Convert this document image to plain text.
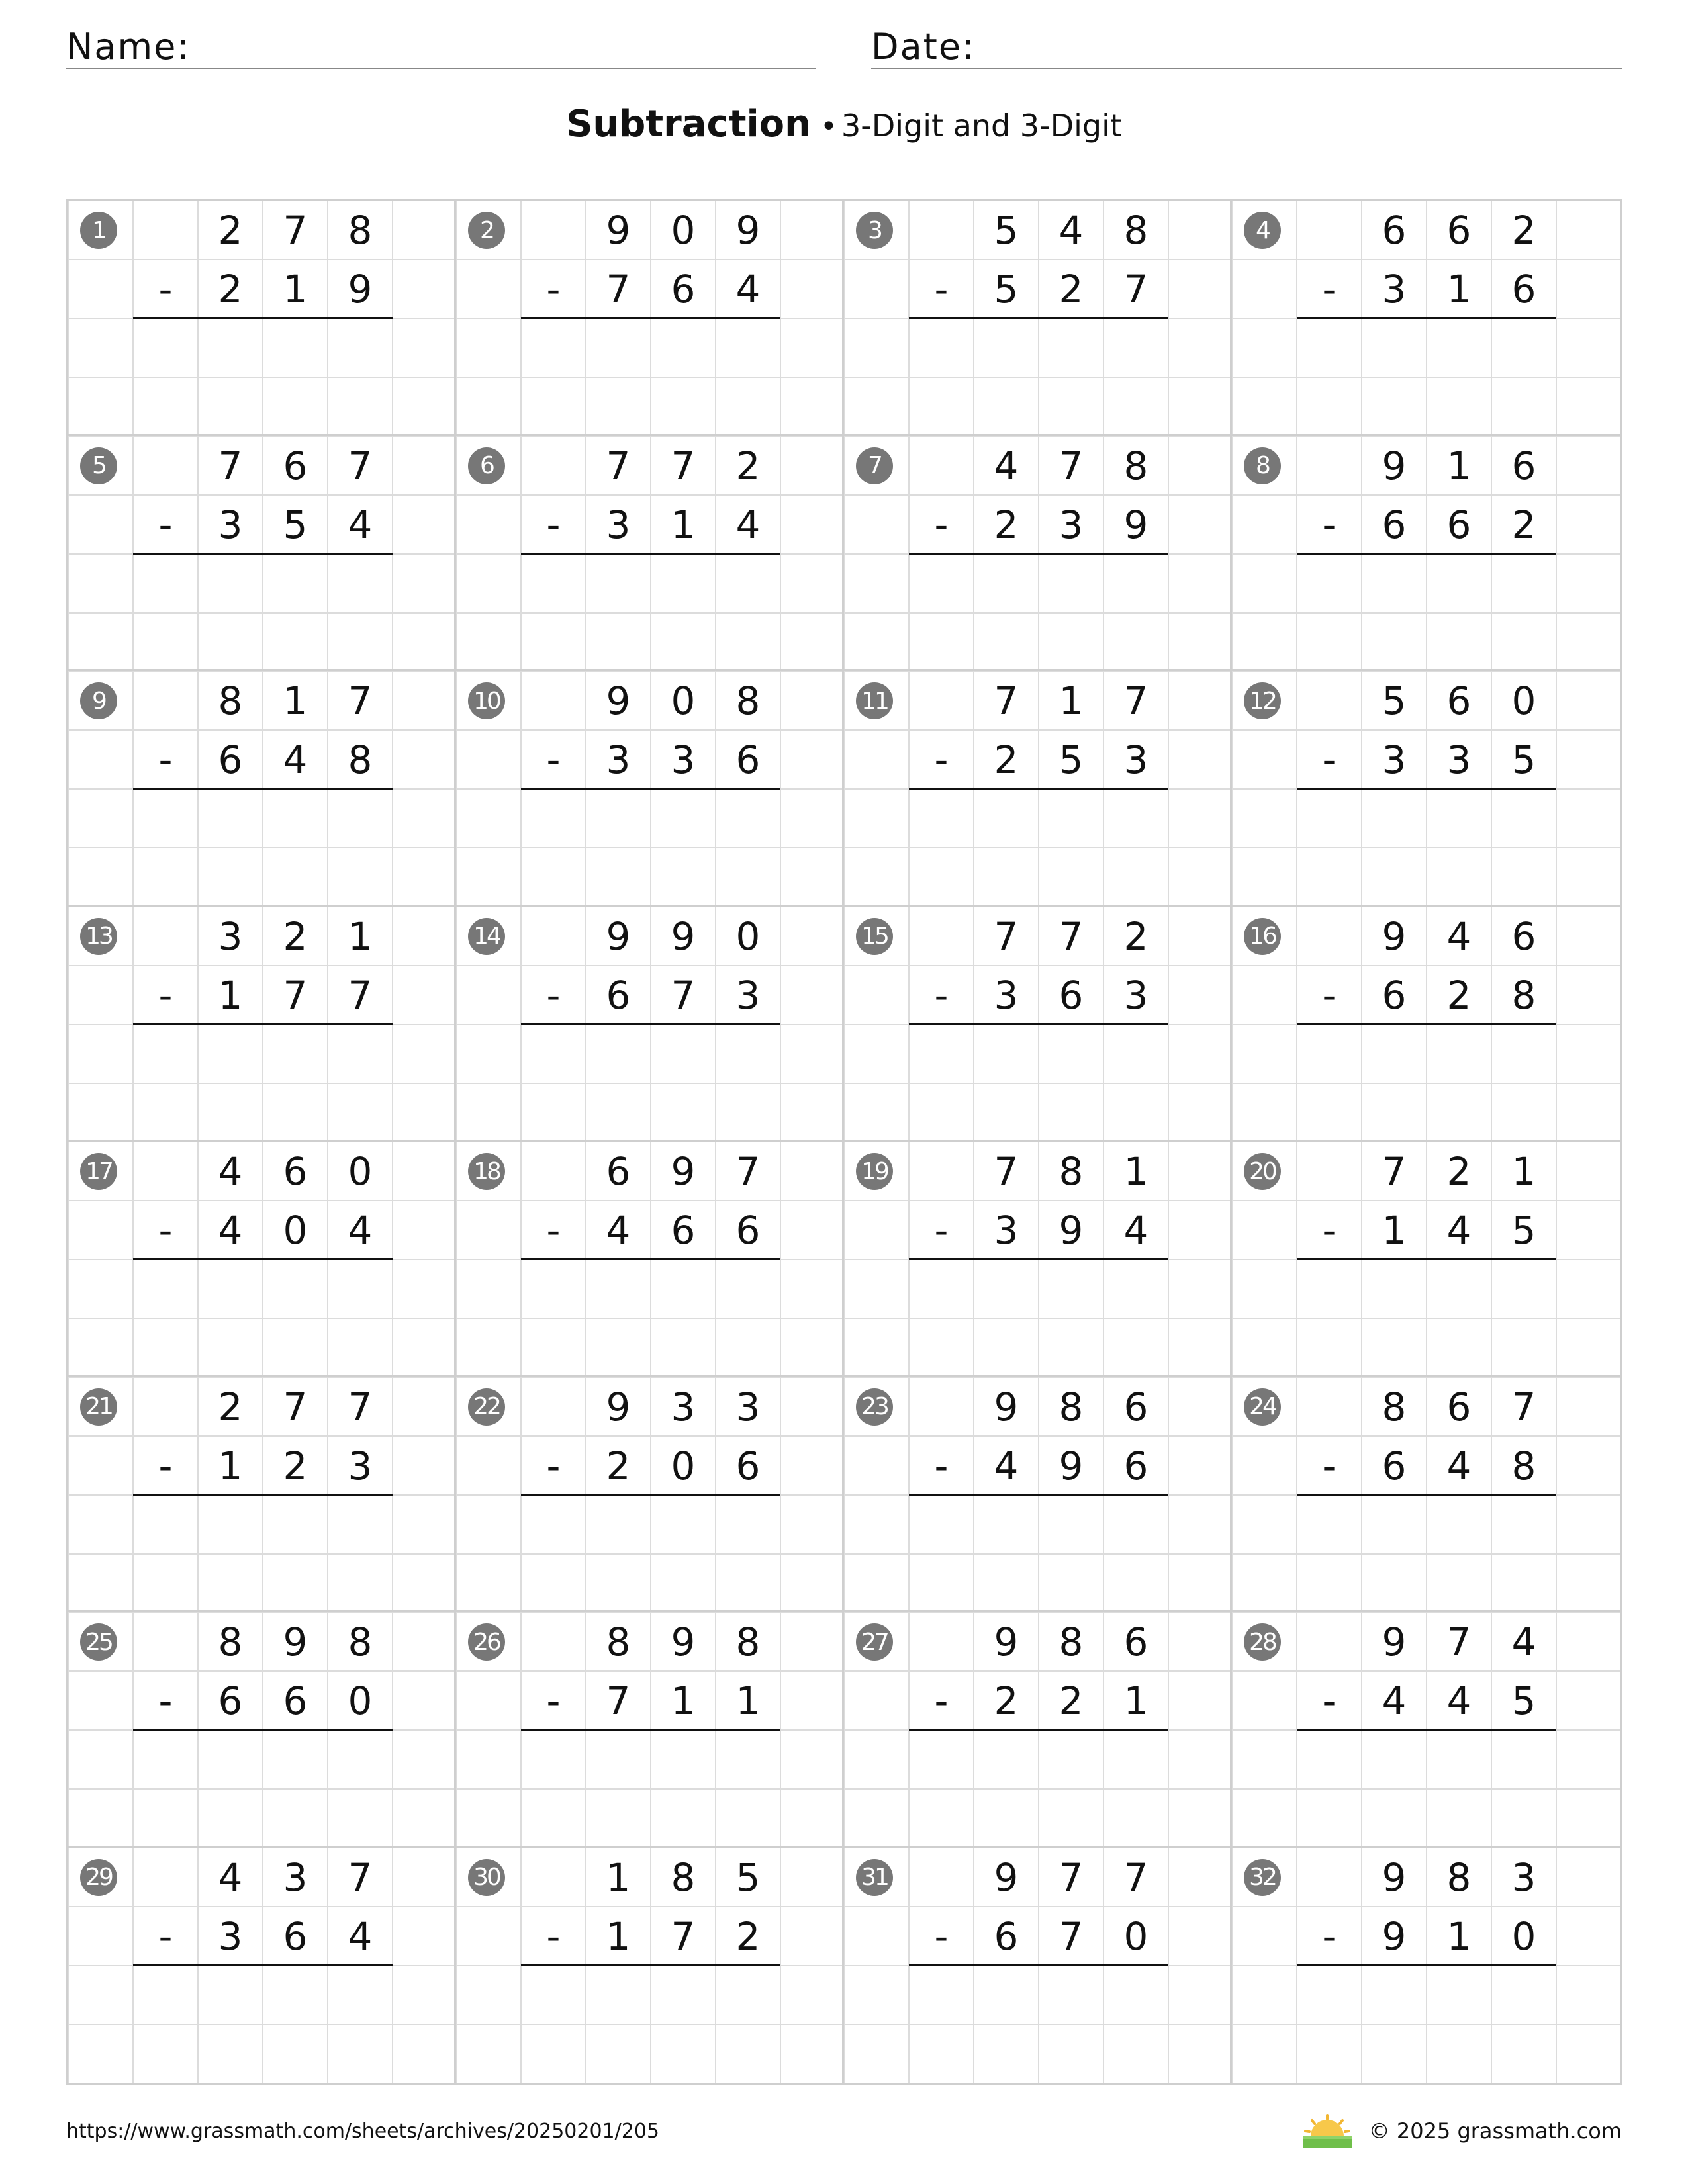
Name:	Date:
Subtraction • 3-Digit and 3-Digit
1	2	7	8
2	1	9
-
2	9	0	9
7	6	4
-
3	5	4	8
5	2	7
-
4	6	6	2
3	1	6
-
5	7	6	7
3	5	4
-
6	7	7	2
3	1	4
-
7	4	7	8
2	3	9
-
8	9	1	6
6	6	2
-
9	8	1	7
6	4	8
-
10	9	0	8
3	3	6
-
11	7	1	7
2	5	3
-
12	5	6	0
3	3	5
-
13	3	2	1
1	7	7
-
14	9	9	0
6	7	3
-
15	7	7	2
3	6	3
-
16	9	4	6
6	2	8
-
17	4	6	0
4	0	4
-
18	6	9	7
4	6	6
-
19	7	8	1
3	9	4
-
20	7	2	1
1	4	5
-
21	2	7	7
1	2	3
-
22	9	3	3
2	0	6
-
23	9	8	6
4	9	6
-
24	8	6	7
6	4	8
-
25	8	9	8
6	6	0
-
26	8	9	8
7	1	1
-
27	9	8	6
2	2	1
-
28	9	7	4
4	4	5
-
29	4	3	7
3	6	4
-
30	1	8	5
1	7	2
-
31	9	7	7
6	7	0
-
32	9	8	3
9	1	0
-
https://www.grassmath.com/sheets/archives/20250201/205	© 2025 grassmath.com
